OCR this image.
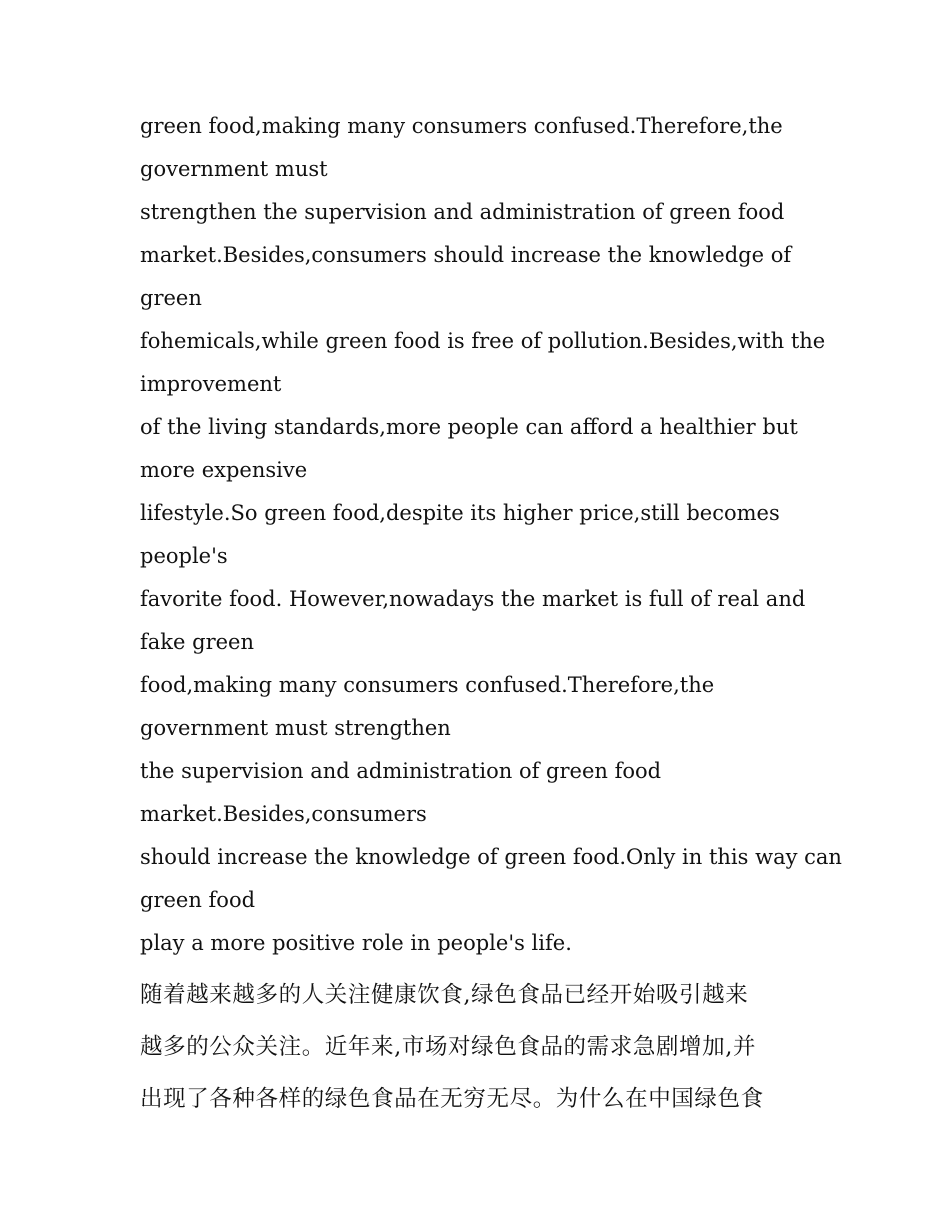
green food,making many consumers confused.Therefore,the
government must
strengthen the supervision and administration of green food
market.Besides,consumers should increase the knowledge of
green
fohemicals,while green food is free of pollution.Besides,with the
improvement
of the living standards,more people can afford a healthier but
more expensive
lifestyle.So green food,despite its higher price,still becomes
people's
favorite food. However,nowadays the market is full of real and
fake green
food,making many consumers confused.Therefore,the
government must strengthen
the supervision and administration of green food
market.Besides,consumers
should increase the knowledge of green food.Only in this way can
green food
play a more positive role in people's life.
随着越来越多的人关注健康饮食,绿色食品已经开始吸引越来
越多的公众关注。近年来,市场对绿色食品的需求急剧增加,并
出现了各种各样的绿色食品在无穷无尽。为什么在中国绿色食
